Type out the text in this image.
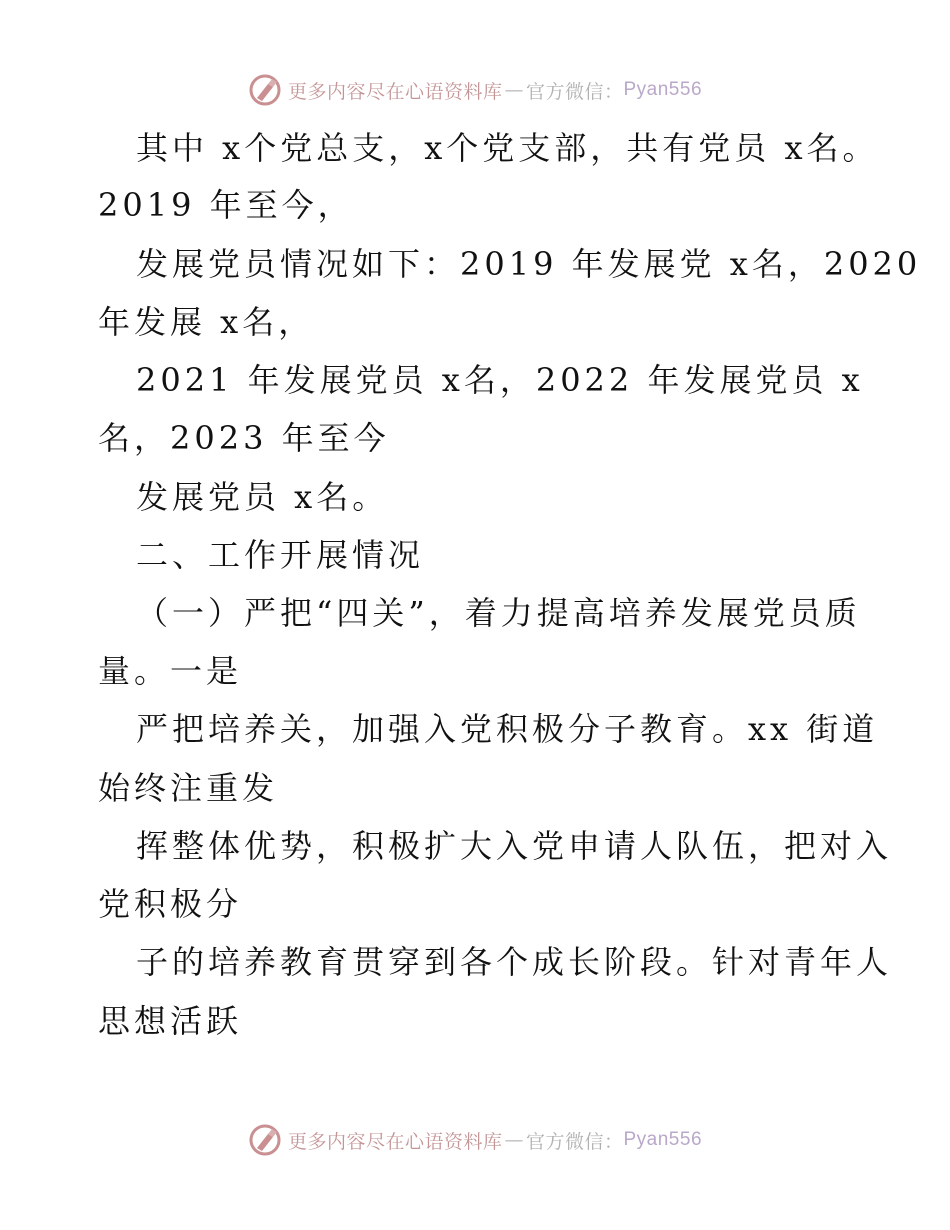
更多内容尽在心语资料库 — 官方微信： Pyan556
其中 x个党总支，x个党支部，共有党员 x名。
2019 年至今，
发展党员情况如下：2019 年发展党 x名，2020
年发展 x名，
2021 年发展党员 x名，2022 年发展党员 x
名，2023 年至今
发展党员 x名。
二、工作开展情况
（一）严把“四关”，着力提高培养发展党员质
量。一是
严把培养关，加强入党积极分子教育。xx 街道
始终注重发
挥整体优势，积极扩大入党申请人队伍，把对入
党积极分
子的培养教育贯穿到各个成长阶段。针对青年人
思想活跃
更多内容尽在心语资料库 — 官方微信： Pyan556
